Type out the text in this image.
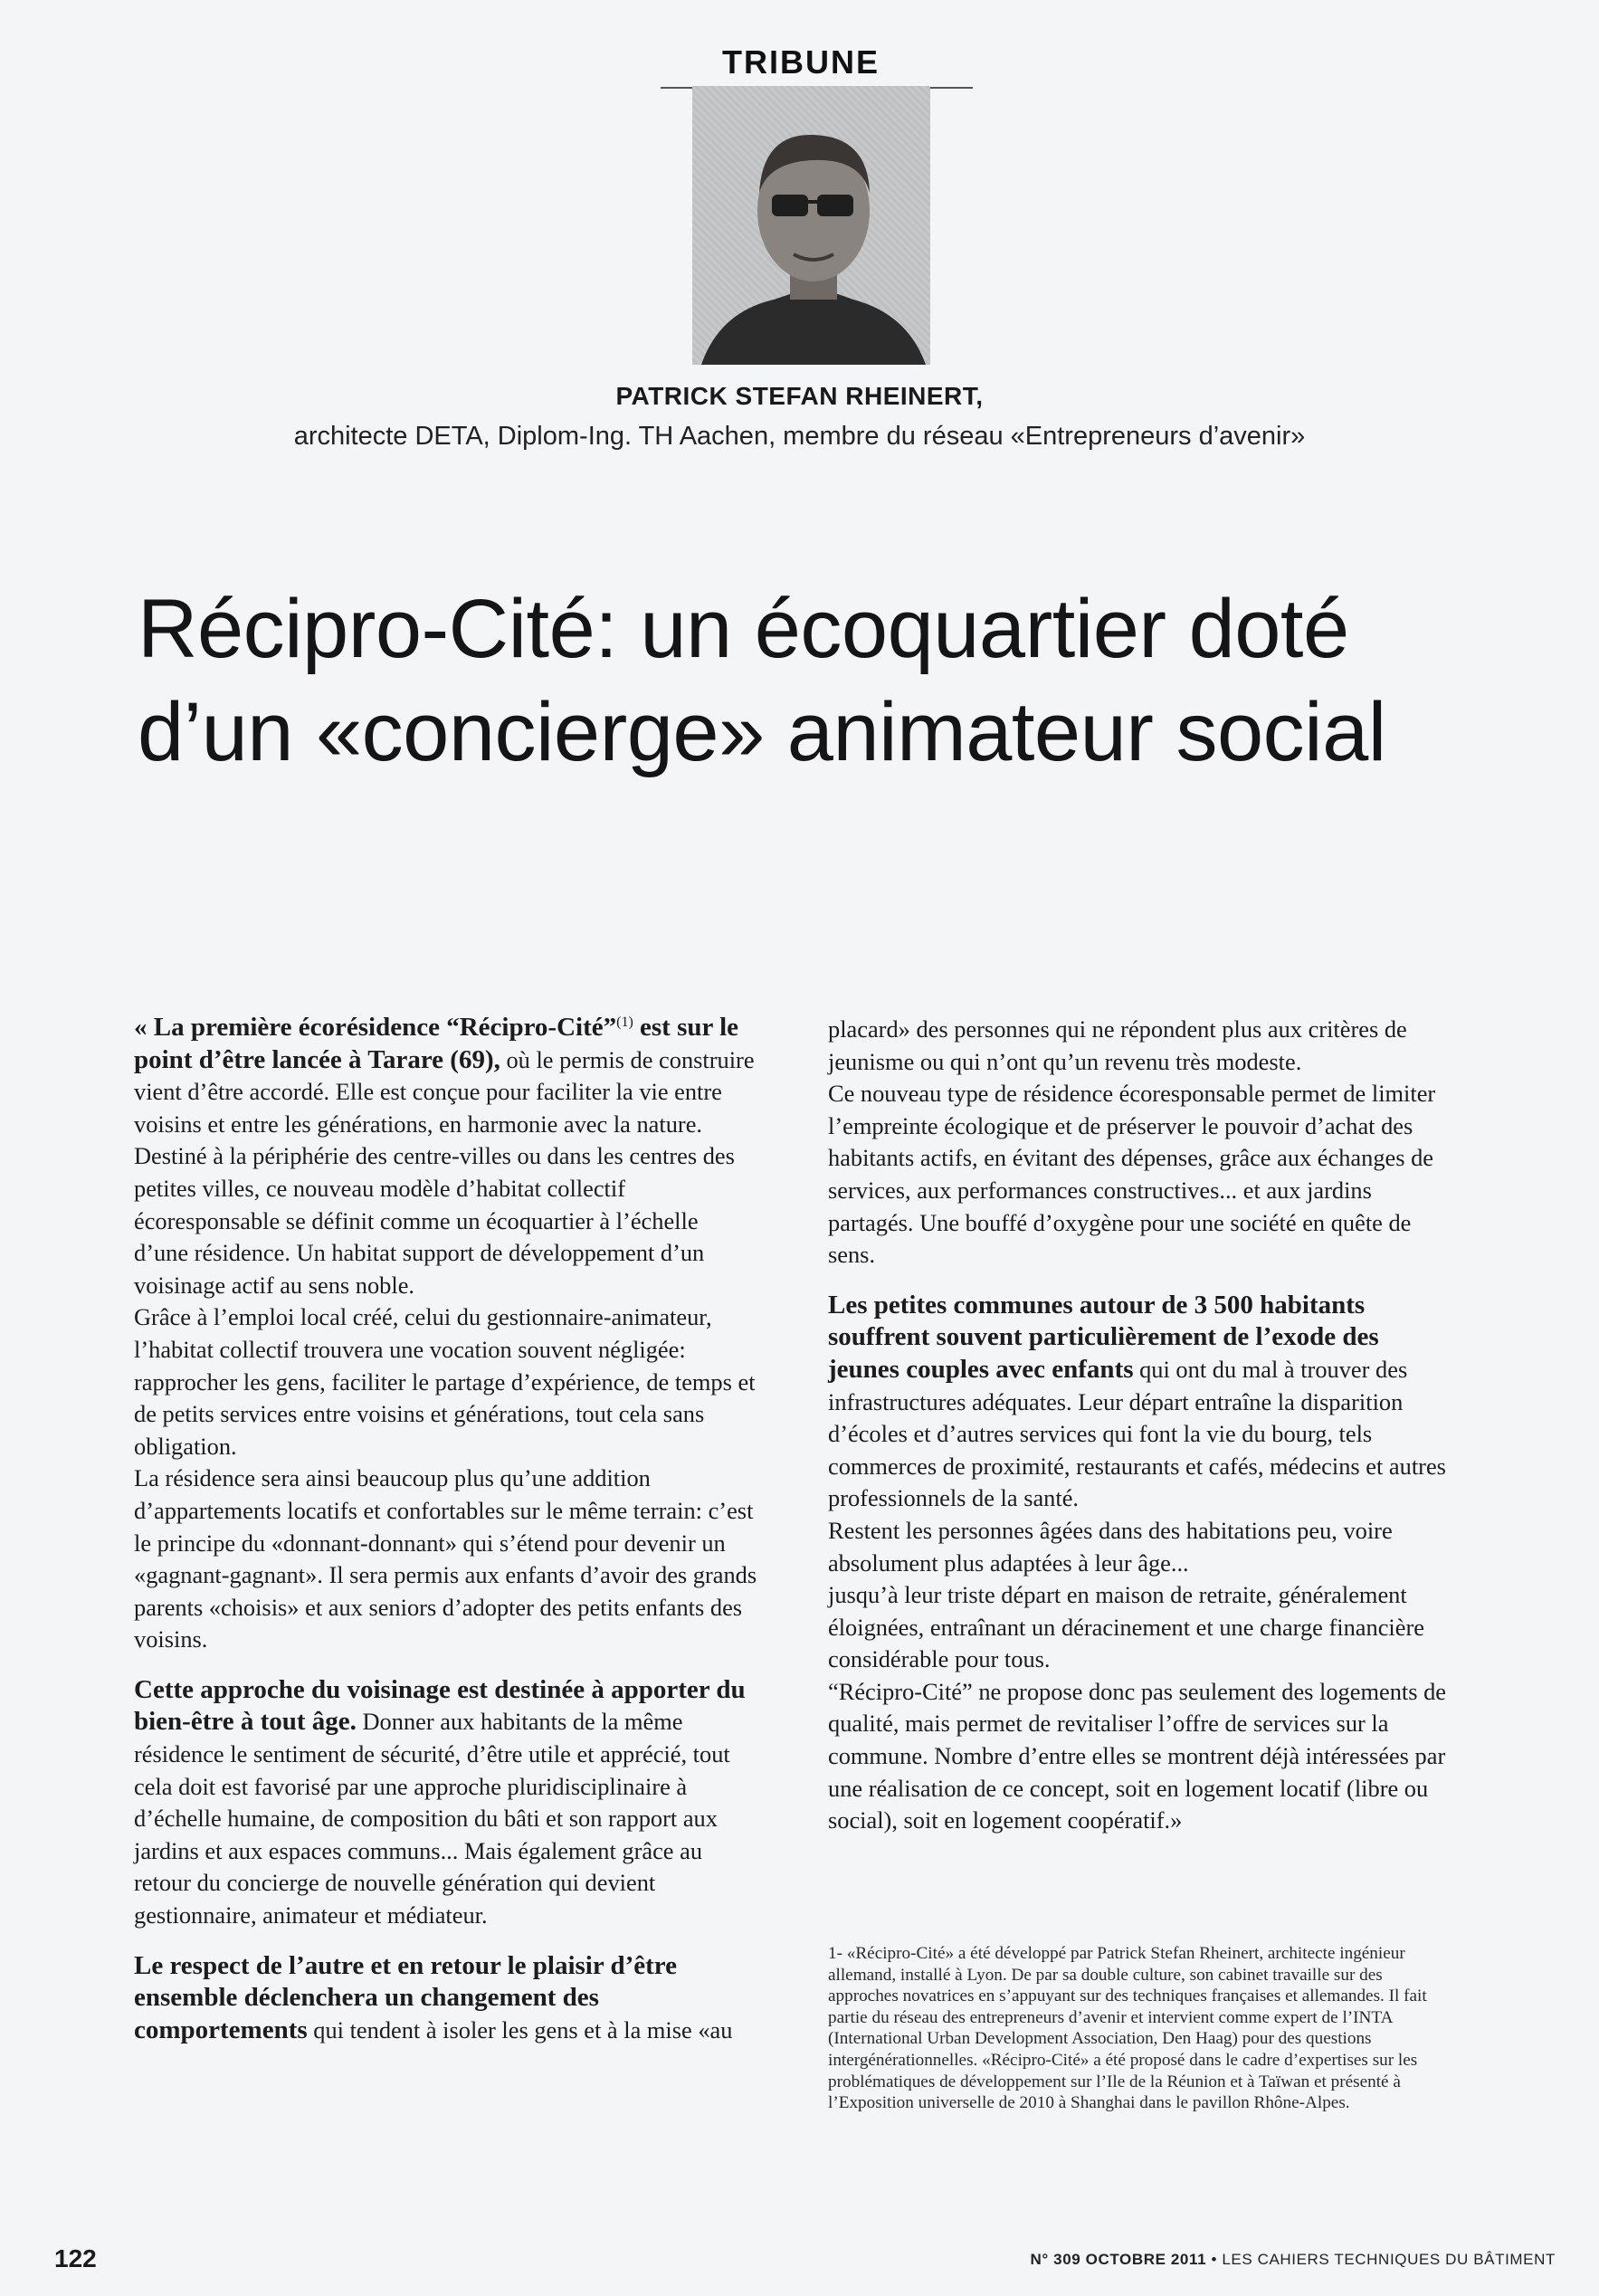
TRIBUNE
PATRICK STEFAN RHEINERT,
architecte DETA, Diplom-Ing. TH Aachen, membre du réseau «Entrepreneurs d’avenir»
Récipro-Cité: un écoquartier doté
d’un «concierge» animateur social

« La première écorésidence “Récipro-Cité”$^{(1)}$ est sur le point d’être lancée à Tarare (69), où le permis de construire vient d’être accordé. Elle est conçue pour faciliter la vie entre voisins et entre les générations, en harmonie avec la nature.

Destiné à la périphérie des centre-villes ou dans les centres des petites villes, ce nouveau modèle d’habitat collectif écoresponsable se définit comme un écoquartier à l’échelle d’une résidence. Un habitat support de développement d’un voisinage actif au sens noble.

Grâce à l’emploi local créé, celui du gestionnaire-animateur, l’habitat collectif trouvera une vocation souvent négligée: rapprocher les gens, faciliter le partage d’expérience, de temps et de petits services entre voisins et générations, tout cela sans obligation.

La résidence sera ainsi beaucoup plus qu’une addition d’appartements locatifs et confortables sur le même terrain: c’est le principe du «donnant-donnant» qui s’étend pour devenir un «gagnant-gagnant». Il sera permis aux enfants d’avoir des grands parents «choisis» et aux seniors d’adopter des petits enfants des voisins.

Cette approche du voisinage est destinée à apporter du bien-être à tout âge. Donner aux habitants de la même résidence le sentiment de sécurité, d’être utile et apprécié, tout cela doit est favorisé par une approche pluridisciplinaire à d’échelle humaine, de composition du bâti et son rapport aux jardins et aux espaces communs... Mais également grâce au retour du concierge de nouvelle génération qui devient gestionnaire, animateur et médiateur.

Le respect de l’autre et en retour le plaisir d’être ensemble déclenchera un changement des comportements qui tendent à isoler les gens et à la mise «au

placard» des personnes qui ne répondent plus aux critères de jeunisme ou qui n’ont qu’un revenu très modeste.

Ce nouveau type de résidence écoresponsable permet de limiter l’empreinte écologique et de préserver le pouvoir d’achat des habitants actifs, en évitant des dépenses, grâce aux échanges de services, aux performances constructives... et aux jardins partagés. Une bouffé d’oxygène pour une société en quête de sens.

Les petites communes autour de 3 500 habitants souffrent souvent particulièrement de l’exode des jeunes couples avec enfants qui ont du mal à trouver des infrastructures adéquates. Leur départ entraîne la disparition d’écoles et d’autres services qui font la vie du bourg, tels commerces de proximité, restaurants et cafés, médecins et autres professionnels de la santé.

Restent les personnes âgées dans des habitations peu, voire absolument plus adaptées à leur âge...

jusqu’à leur triste départ en maison de retraite, généralement éloignées, entraînant un déracinement et une charge financière considérable pour tous.

“Récipro-Cité” ne propose donc pas seulement des logements de qualité, mais permet de revitaliser l’offre de services sur la commune. Nombre d’entre elles se montrent déjà intéressées par une réalisation de ce concept, soit en logement locatif (libre ou social), soit en logement coopératif.»

1- «Récipro-Cité» a été développé par Patrick Stefan Rheinert, architecte ingénieur allemand, installé à Lyon. De par sa double culture, son cabinet travaille sur des approches novatrices en s’appuyant sur des techniques françaises et allemandes. Il fait partie du réseau des entrepreneurs d’avenir et intervient comme expert de l’INTA (International Urban Development Association, Den Haag) pour des questions intergénérationnelles. «Récipro-Cité» a été proposé dans le cadre d’expertises sur les problématiques de développement sur l’Ile de la Réunion et à Taïwan et présenté à l’Exposition universelle de 2010 à Shanghai dans le pavillon Rhône-Alpes.

122	N° 309 OCTOBRE 2011 • LES CAHIERS TECHNIQUES DU BÂTIMENT
